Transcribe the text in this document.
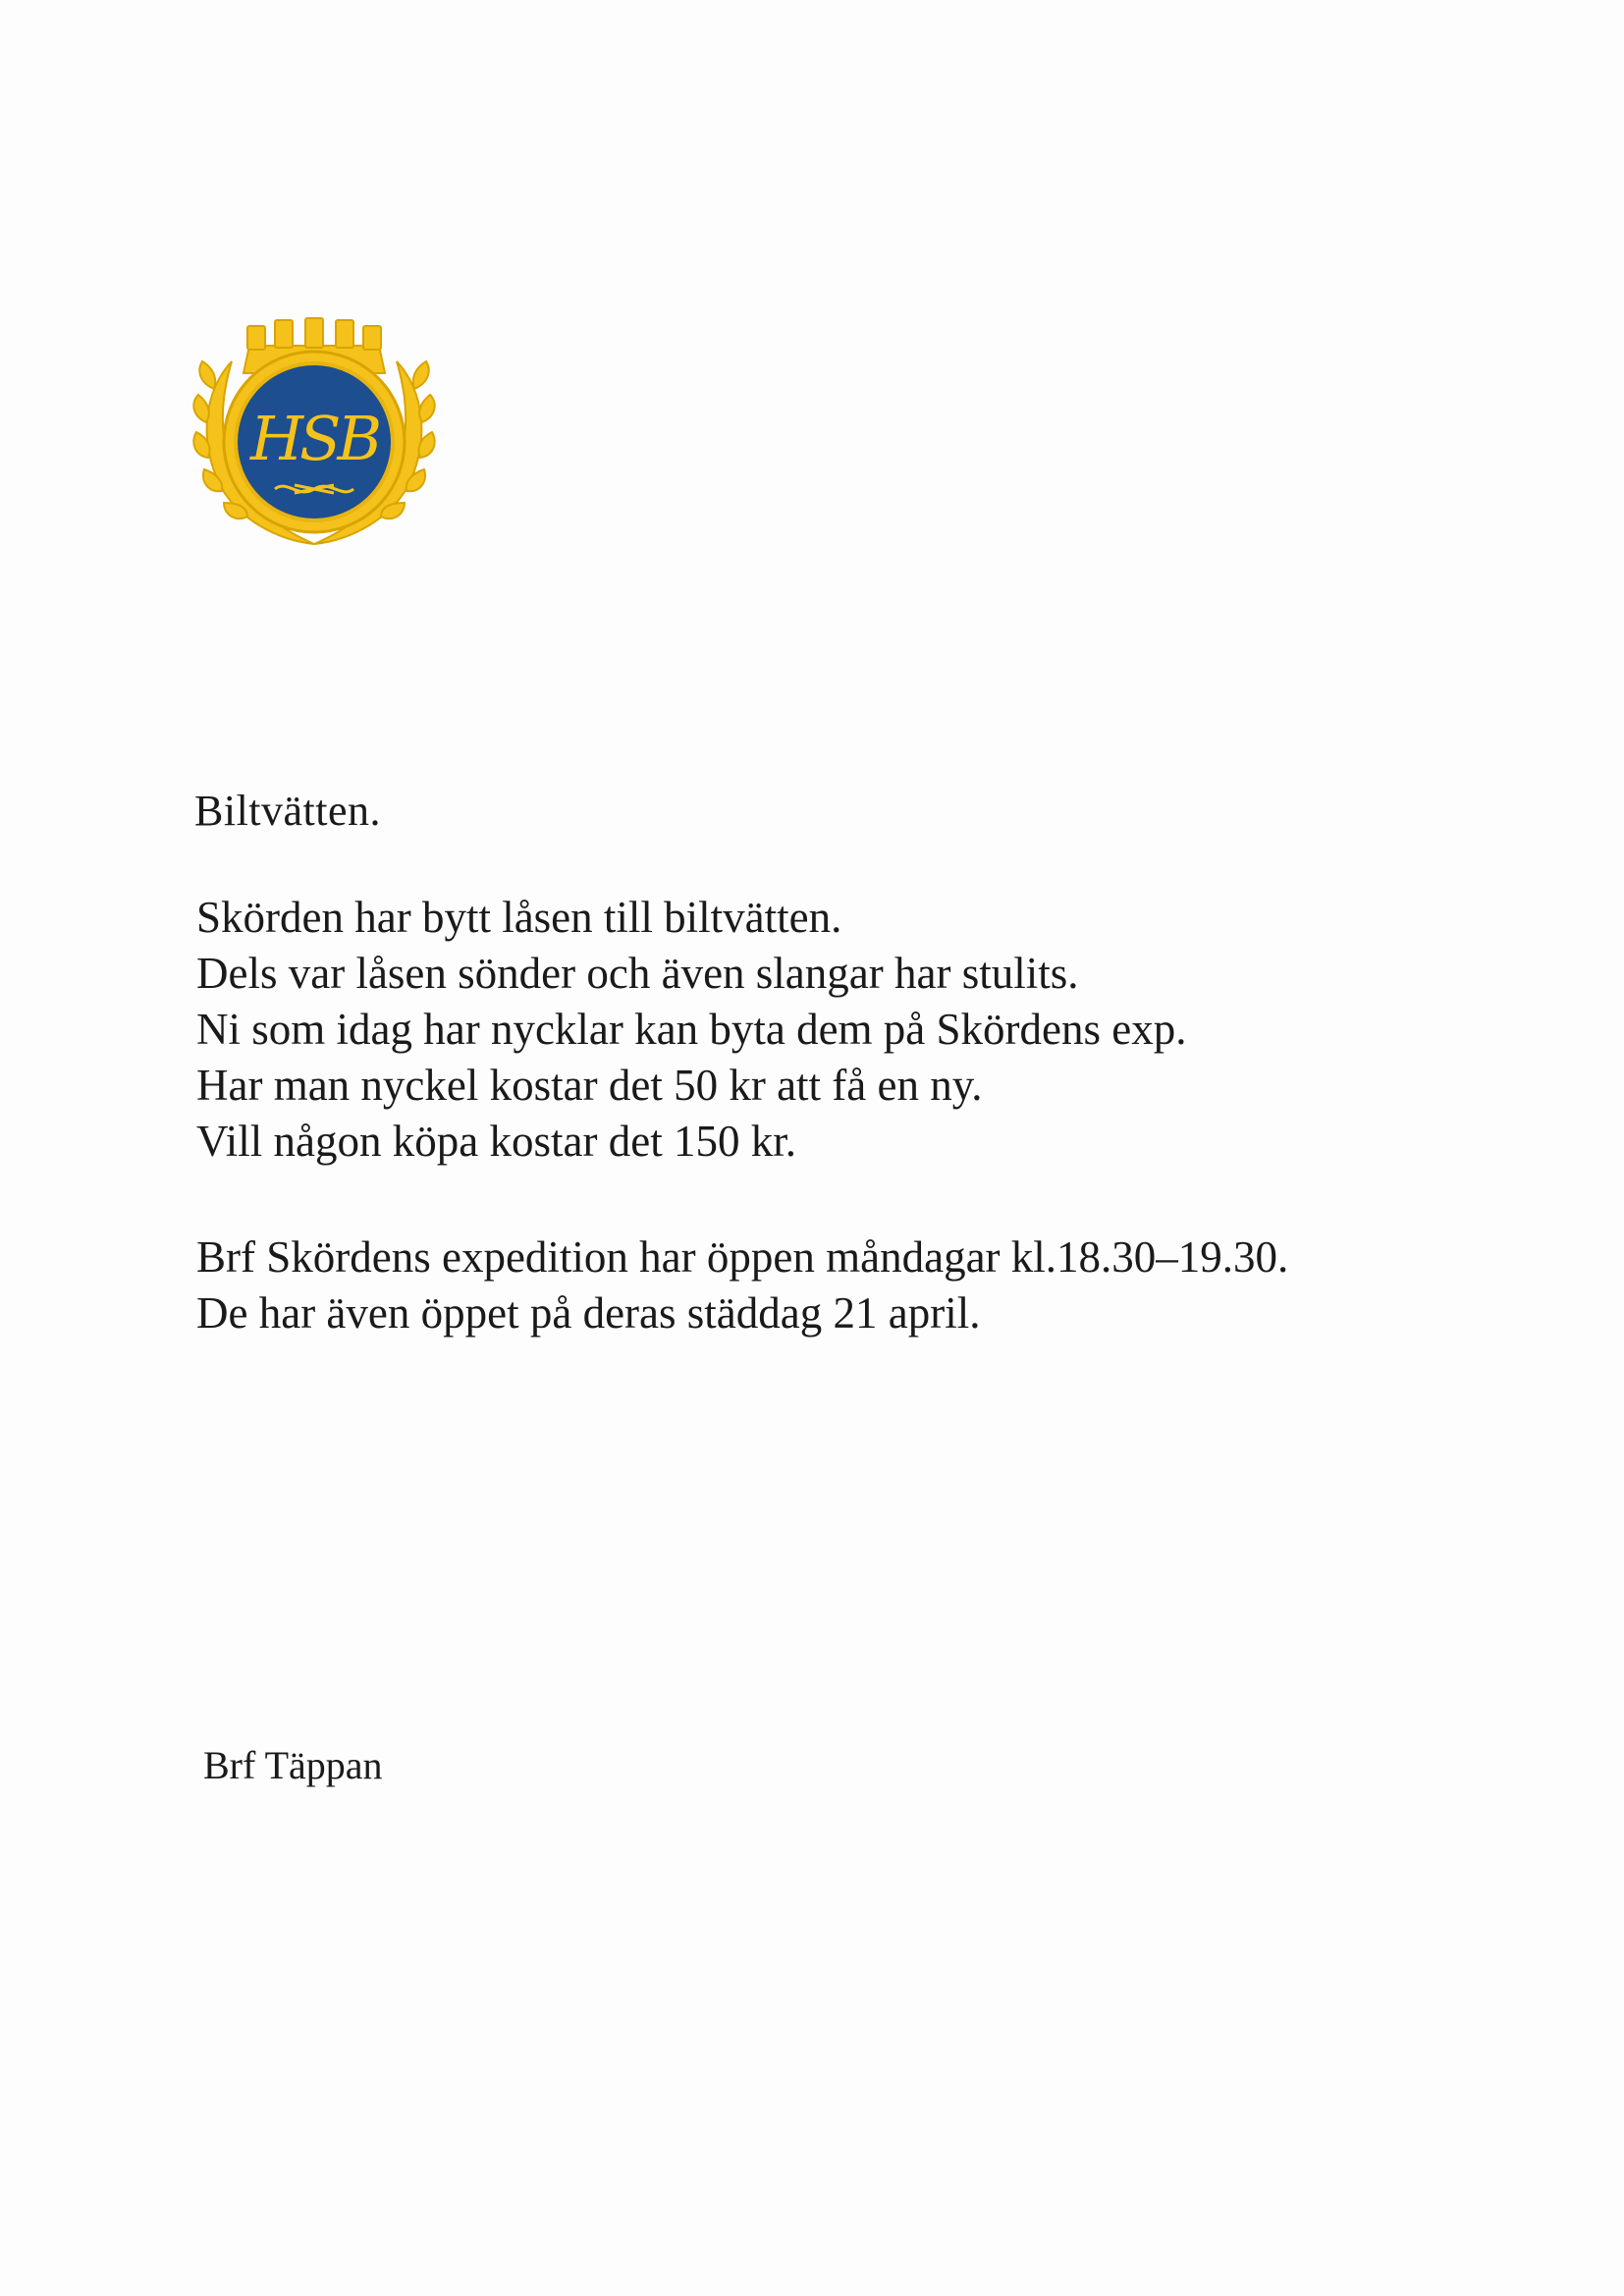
HSB
Biltvätten.

Skörden har bytt låsen till biltvätten.
Dels var låsen sönder och även slangar har stulits.
Ni som idag har nycklar kan byta dem på Skördens exp.
Har man nyckel kostar det 50 kr att få en ny.
Vill någon köpa kostar det 150 kr.

Brf Skördens expedition har öppen måndagar kl.18.30–19.30.
De har även öppet på deras städdag 21 april.

Brf Täppan
